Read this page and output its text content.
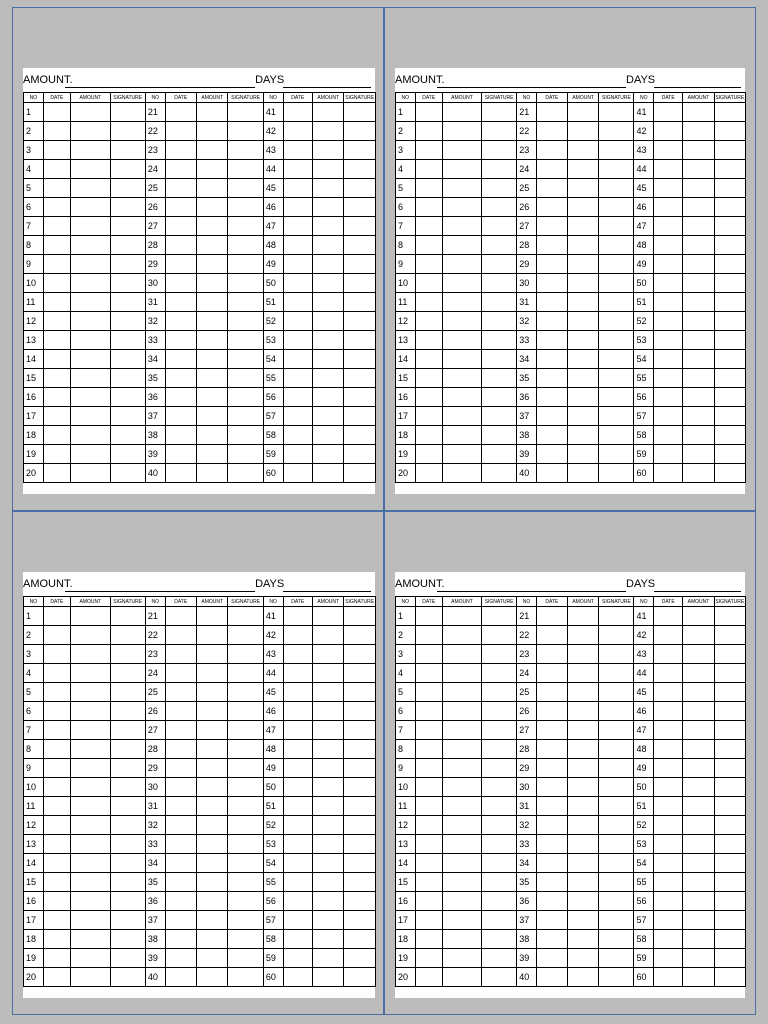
AMOUNT.	DAYS
NO	DATE	AMOUNT	SIGNATURE	NO	DATE	AMOUNT	SIGNATURE	NO	DATE	AMOUNT	SIGNATURE
1				21				41			
2				22				42			
3				23				43			
4				24				44			
5				25				45			
6				26				46			
7				27				47			
8				28				48			
9				29				49			
10				30				50			
11				31				51			
12				32				52			
13				33				53			
14				34				54			
15				35				55			
16				36				56			
17				37				57			
18				38				58			
19				39				59			
20				40				60			
AMOUNT.	DAYS
NO	DATE	AMOUNT	SIGNATURE	NO	DATE	AMOUNT	SIGNATURE	NO	DATE	AMOUNT	SIGNATURE
1				21				41			
2				22				42			
3				23				43			
4				24				44			
5				25				45			
6				26				46			
7				27				47			
8				28				48			
9				29				49			
10				30				50			
11				31				51			
12				32				52			
13				33				53			
14				34				54			
15				35				55			
16				36				56			
17				37				57			
18				38				58			
19				39				59			
20				40				60			
AMOUNT.	DAYS
NO	DATE	AMOUNT	SIGNATURE	NO	DATE	AMOUNT	SIGNATURE	NO	DATE	AMOUNT	SIGNATURE
1				21				41			
2				22				42			
3				23				43			
4				24				44			
5				25				45			
6				26				46			
7				27				47			
8				28				48			
9				29				49			
10				30				50			
11				31				51			
12				32				52			
13				33				53			
14				34				54			
15				35				55			
16				36				56			
17				37				57			
18				38				58			
19				39				59			
20				40				60			
AMOUNT.	DAYS
NO	DATE	AMOUNT	SIGNATURE	NO	DATE	AMOUNT	SIGNATURE	NO	DATE	AMOUNT	SIGNATURE
1				21				41			
2				22				42			
3				23				43			
4				24				44			
5				25				45			
6				26				46			
7				27				47			
8				28				48			
9				29				49			
10				30				50			
11				31				51			
12				32				52			
13				33				53			
14				34				54			
15				35				55			
16				36				56			
17				37				57			
18				38				58			
19				39				59			
20				40				60			
